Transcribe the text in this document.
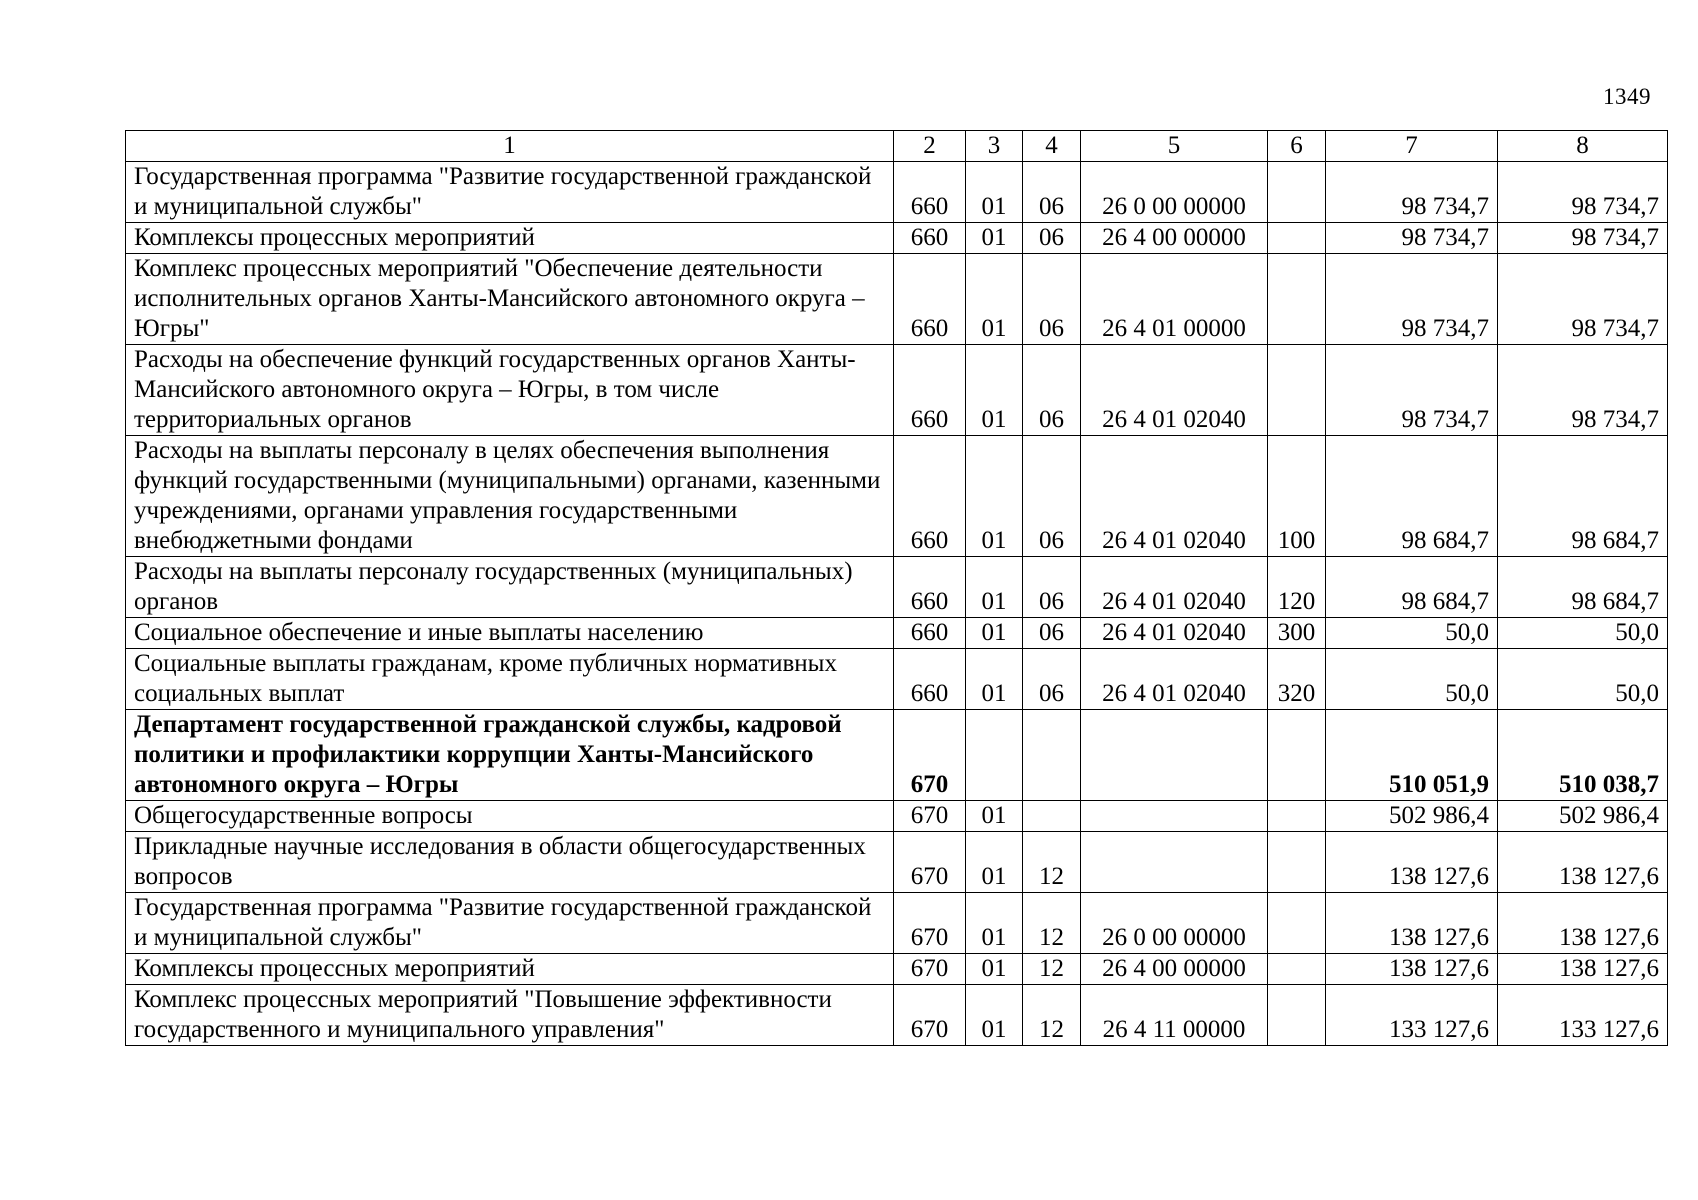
1349
1	2	3	4	5	6	7	8
Государственная программа "Развитие государственной гражданской и муниципальной службы"	660	01	06	26 0 00 00000		98 734,7	98 734,7
Комплексы процессных мероприятий	660	01	06	26 4 00 00000		98 734,7	98 734,7
Комплекс процессных мероприятий "Обеспечение деятельности исполнительных органов Ханты-Мансийского автономного округа – Югры"	660	01	06	26 4 01 00000		98 734,7	98 734,7
Расходы на обеспечение функций государственных органов Ханты-Мансийского автономного округа – Югры, в том числе территориальных органов	660	01	06	26 4 01 02040		98 734,7	98 734,7
Расходы на выплаты персоналу в целях обеспечения выполнения функций государственными (муниципальными) органами, казенными учреждениями, органами управления государственными внебюджетными фондами	660	01	06	26 4 01 02040	100	98 684,7	98 684,7
Расходы на выплаты персоналу государственных (муниципальных) органов	660	01	06	26 4 01 02040	120	98 684,7	98 684,7
Социальное обеспечение и иные выплаты населению	660	01	06	26 4 01 02040	300	50,0	50,0
Социальные выплаты гражданам, кроме публичных нормативных социальных выплат	660	01	06	26 4 01 02040	320	50,0	50,0
Департамент государственной гражданской службы, кадровой политики и профилактики коррупции Ханты-Мансийского автономного округа – Югры	670					510 051,9	510 038,7
Общегосударственные вопросы	670	01				502 986,4	502 986,4
Прикладные научные исследования в области общегосударственных вопросов	670	01	12			138 127,6	138 127,6
Государственная программа "Развитие государственной гражданской и муниципальной службы"	670	01	12	26 0 00 00000		138 127,6	138 127,6
Комплексы процессных мероприятий	670	01	12	26 4 00 00000		138 127,6	138 127,6
Комплекс процессных мероприятий "Повышение эффективности государственного и муниципального управления"	670	01	12	26 4 11 00000		133 127,6	133 127,6
